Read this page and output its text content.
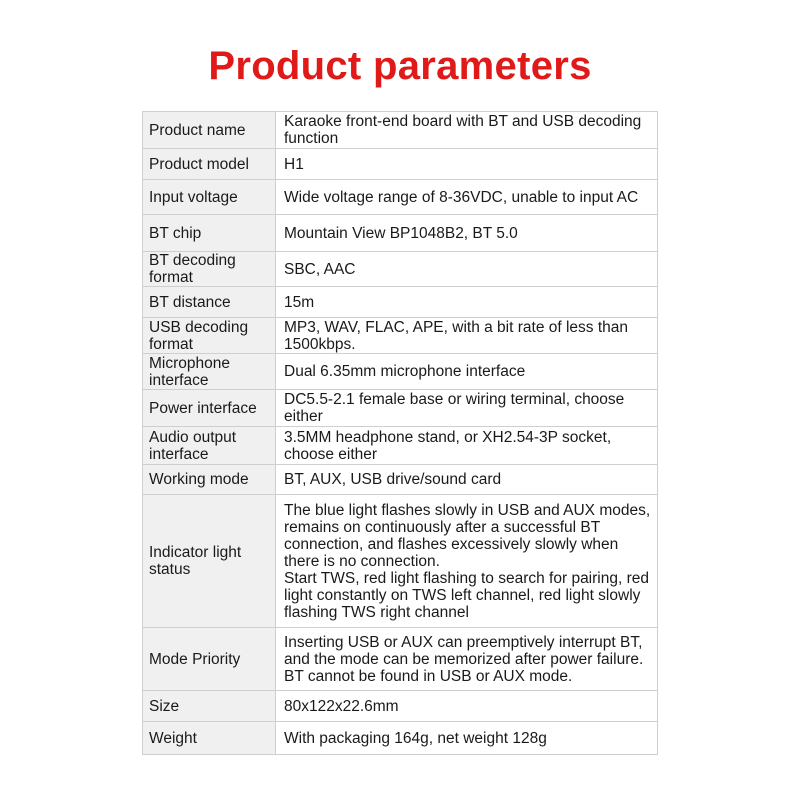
Product parameters
Product name	Karaoke front-end board with BT and USB decoding function
Product model	H1
Input voltage	Wide voltage range of 8-36VDC, unable to input AC
BT chip	Mountain View BP1048B2, BT 5.0
BT decoding format	SBC, AAC
BT distance	15m
USB decoding format	MP3, WAV, FLAC, APE, with a bit rate of less than 1500kbps.
Microphone interface	Dual 6.35mm microphone interface
Power interface	DC5.5-2.1 female base or wiring terminal, choose either
Audio output interface	3.5MM headphone stand, or XH2.54-3P socket, choose either
Working mode	BT, AUX, USB drive/sound card
Indicator light status	The blue light flashes slowly in USB and AUX modes, remains on continuously after a successful BT connection, and flashes excessively slowly when there is no connection.
Start TWS, red light flashing to search for pairing, red light constantly on TWS left channel, red light slowly flashing TWS right channel
Mode Priority	Inserting USB or AUX can preemptively interrupt BT, and the mode can be memorized after power failure. BT cannot be found in USB or AUX mode.
Size	80x122x22.6mm
Weight	With packaging 164g, net weight 128g
